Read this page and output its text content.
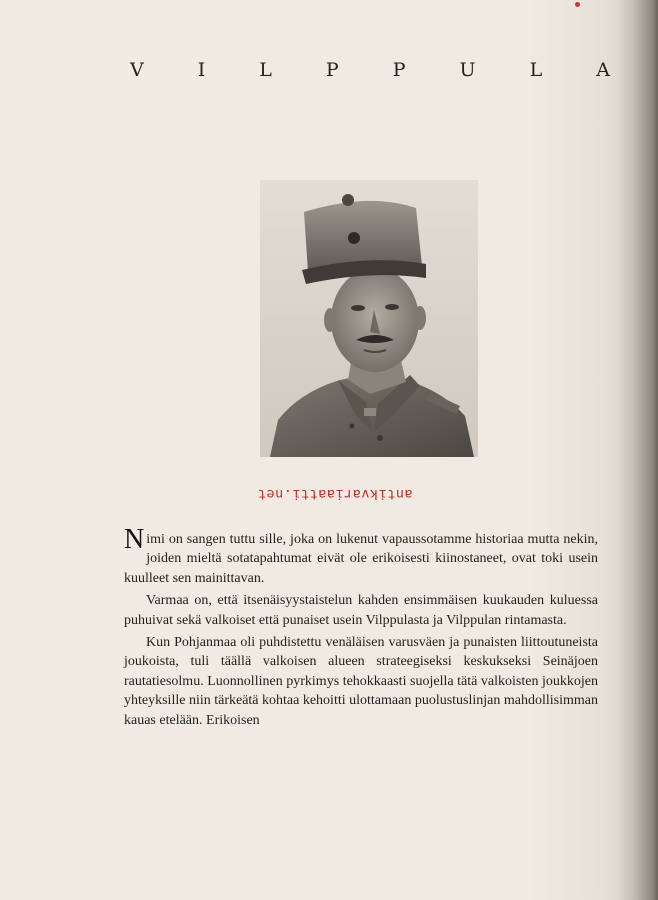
V	I	L	P	P	U	L	A
antikvariaatti.net

Nimi on sangen tuttu sille, joka on lukenut vapaussotamme historiaa mutta nekin, joiden mieltä sotatapahtumat eivät ole erikoisesti kiinostaneet, ovat toki usein kuulleet sen mainittavan.

Varmaa on, että itsenäisyystaistelun kahden ensimmäisen kuukauden kuluessa puhuivat sekä valkoiset että punaiset usein Vilppulasta ja Vilppulan rintamasta.

Kun Pohjanmaa oli puhdistettu venäläisen varusväen ja punaisten liittoutuneista joukoista, tuli täällä valkoisen alueen strateegiseksi keskukseksi Seinäjoen rautatiesolmu. Luonnollinen pyrkimys tehokkaasti suojella tätä valkoisten joukkojen yhteyksille niin tärkeätä kohtaa kehoitti ulottamaan puolustuslinjan mahdollisimman kauas etelään. Erikoisen
